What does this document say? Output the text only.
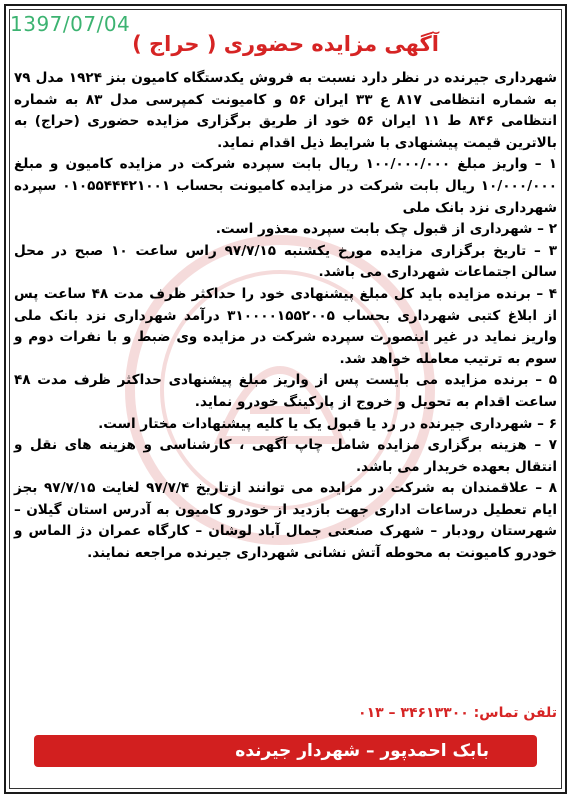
1397/07/04
آگهی مزایده حضوری ( حراج )

شهرداری جیرنده در نظر دارد نسبت به فروش یکدستگاه کامیون بنز ۱۹۲۴ مدل ۷۹ به شماره انتظامی ۸۱۷ ع ۳۳ ایران ۵۶ و کامیونت کمپرسی مدل ۸۳ به شماره انتظامی ۸۴۶ ط ۱۱ ایران ۵۶ خود از طریق برگزاری مزایده حضوری (حراج) به بالاترین قیمت پیشنهادی با شرایط ذیل اقدام نماید.

۱ – واریز مبلغ ۱۰۰/۰۰۰/۰۰۰ ریال بابت سپرده شرکت در مزایده کامیون و مبلغ ۱۰/۰۰۰/۰۰۰ ریال بابت شرکت در مزایده کامیونت بحساب ۰۱۰۵۵۴۴۴۲۱۰۰۱ سپرده شهرداری نزد بانک ملی

۲ – شهرداری از قبول چک بابت سپرده معذور است.

۳ – تاریخ برگزاری مزایده مورخ یکشنبه ۹۷/۷/۱۵ راس ساعت ۱۰ صبح در محل سالن اجتماعات شهرداری می باشد.

۴ – برنده مزایده باید کل مبلغ پیشنهادی خود را حداکثر ظرف مدت ۴۸ ساعت پس از ابلاغ کتبی شهرداری بحساب ۳۱۰۰۰۰۱۵۵۲۰۰۵ درآمد شهرداری نزد بانک ملی واریز نماید در غیر اینصورت سپرده شرکت در مزایده وی ضبط و با نفرات دوم و سوم به ترتیب معامله خواهد شد.

۵ – برنده مزایده می بایست پس از واریز مبلغ پیشنهادی حداکثر ظرف مدت ۴۸ ساعت اقدام به تحویل و خروج از پارکینگ خودرو نماید.

۶ – شهرداری جیرنده در رد یا قبول یک یا کلیه پیشنهادات مختار است.

۷ – هزینه برگزاری مزایده شامل چاپ آگهی ، کارشناسی و هزینه های نقل و انتقال بعهده خریدار می باشد.

۸ – علاقمندان به شرکت در مزایده می توانند ازتاریخ ۹۷/۷/۴ لغایت ۹۷/۷/۱۵ بجز ایام تعطیل درساعات اداری جهت بازدید از خودرو کامیون به آدرس استان گیلان – شهرستان رودبار – شهرک صنعتی جمال آباد لوشان – کارگاه عمران دژ الماس و خودرو کامیونت به محوطه آتش نشانی شهرداری جیرنده مراجعه نمایند.

تلفن تماس: ۳۴۶۱۳۳۰۰ – ۰۱۳
بابک احمدپور – شهردار جیرنده
